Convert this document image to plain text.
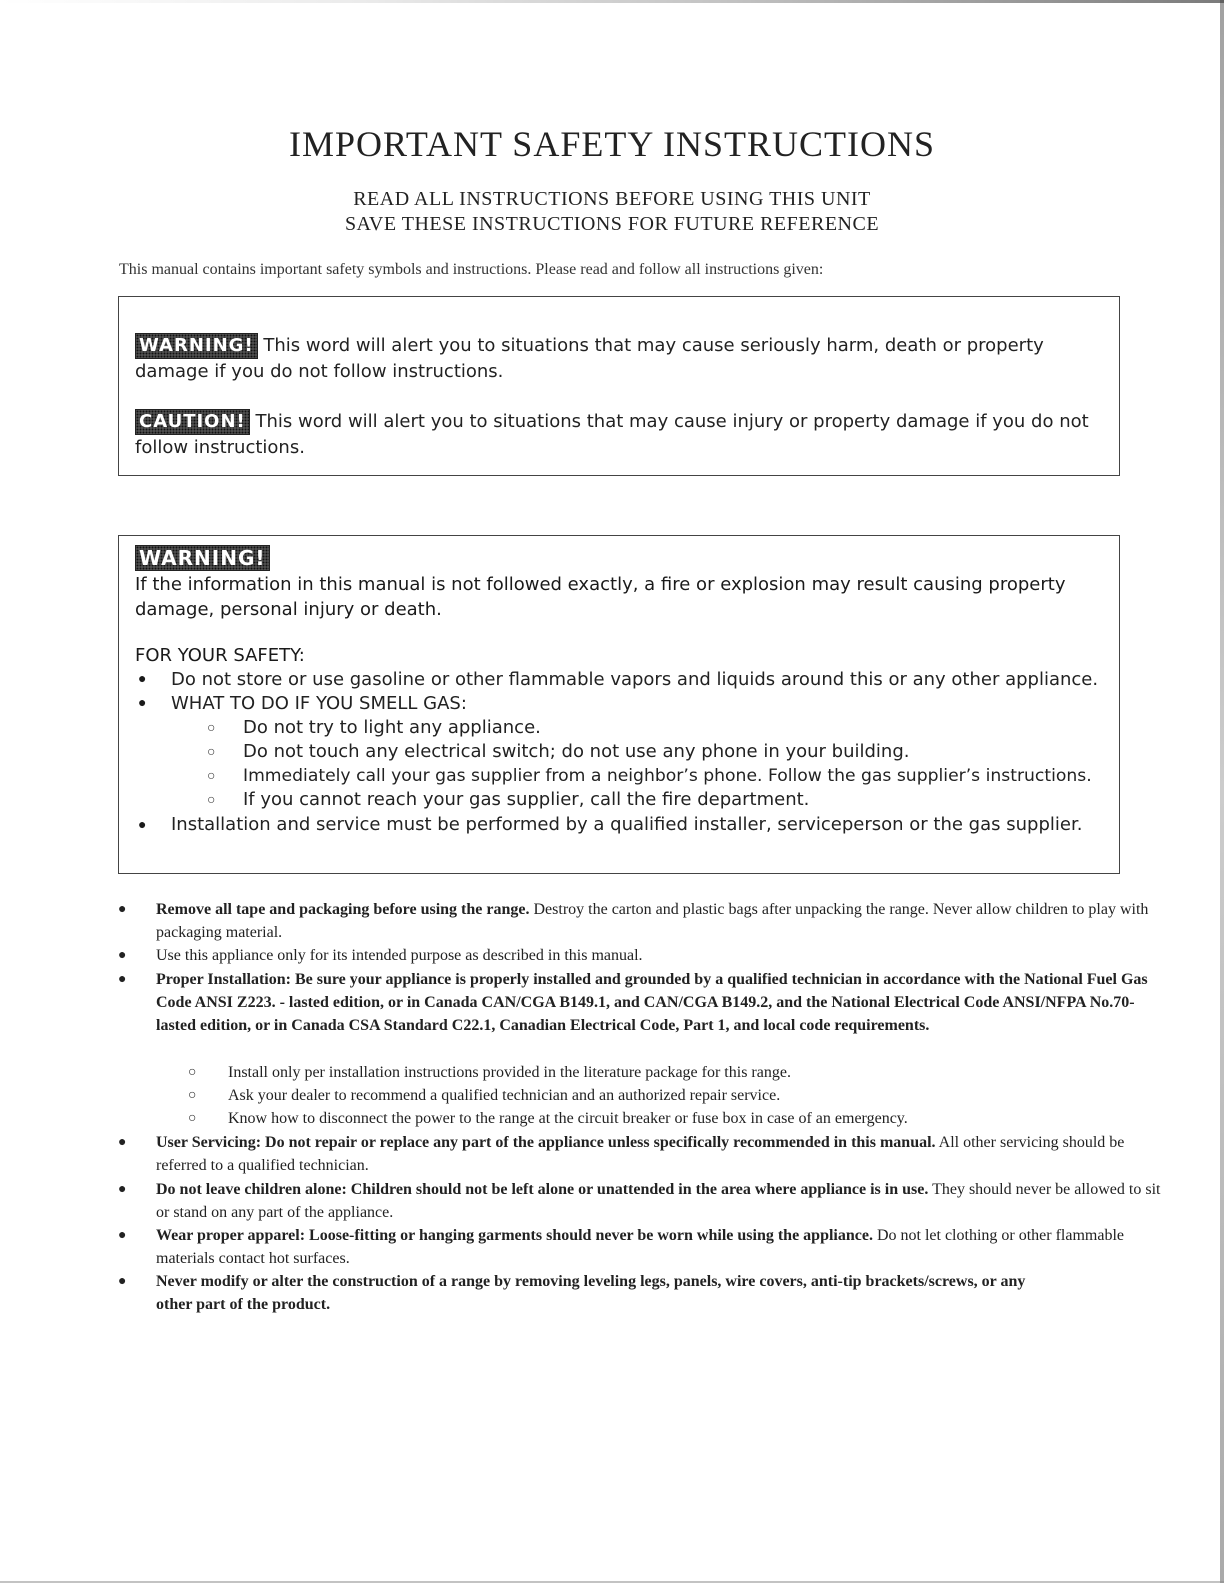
IMPORTANT SAFETY INSTRUCTIONS
READ ALL INSTRUCTIONS BEFORE USING THIS UNIT
SAVE THESE INSTRUCTIONS FOR FUTURE REFERENCE
This manual contains important safety symbols and instructions. Please read and follow all instructions given:
WARNING! This word will alert you to situations that may cause seriously harm, death or property damage if you do not follow instructions.
CAUTION! This word will alert you to situations that may cause injury or property damage if you do not follow instructions.
WARNING!
If the information in this manual is not followed exactly, a fire or explosion may result causing property damage, personal injury or death.
FOR YOUR SAFETY:
● Do not store or use gasoline or other flammable vapors and liquids around this or any other appliance.
● WHAT TO DO IF YOU SMELL GAS:
○ Do not try to light any appliance.
○ Do not touch any electrical switch; do not use any phone in your building.
○ Immediately call your gas supplier from a neighbor’s phone. Follow the gas supplier’s instructions.
○ If you cannot reach your gas supplier, call the fire department.
● Installation and service must be performed by a qualified installer, serviceperson or the gas supplier.
●	Remove all tape and packaging before using the range. Destroy the carton and plastic bags after unpacking the range. Never allow children to play with packaging material.
●	Use this appliance only for its intended purpose as described in this manual.
●	Proper Installation: Be sure your appliance is properly installed and grounded by a qualified technician in accordance with the National Fuel Gas Code ANSI Z223. - lasted edition, or in Canada CAN/CGA B149.1, and CAN/CGA B149.2, and the National Electrical Code ANSI/NFPA No.70-lasted edition, or in Canada CSA Standard C22.1, Canadian Electrical Code, Part 1, and local code requirements.
○ Install only per installation instructions provided in the literature package for this range.
○ Ask your dealer to recommend a qualified technician and an authorized repair service.
○ Know how to disconnect the power to the range at the circuit breaker or fuse box in case of an emergency.
●	User Servicing: Do not repair or replace any part of the appliance unless specifically recommended in this manual. All other servicing should be referred to a qualified technician.
●	Do not leave children alone: Children should not be left alone or unattended in the area where appliance is in use. They should never be allowed to sit or stand on any part of the appliance.
●	Wear proper apparel: Loose-fitting or hanging garments should never be worn while using the appliance. Do not let clothing or other flammable materials contact hot surfaces.
●	Never modify or alter the construction of a range by removing leveling legs, panels, wire covers, anti-tip brackets/screws, or any other part of the product.
